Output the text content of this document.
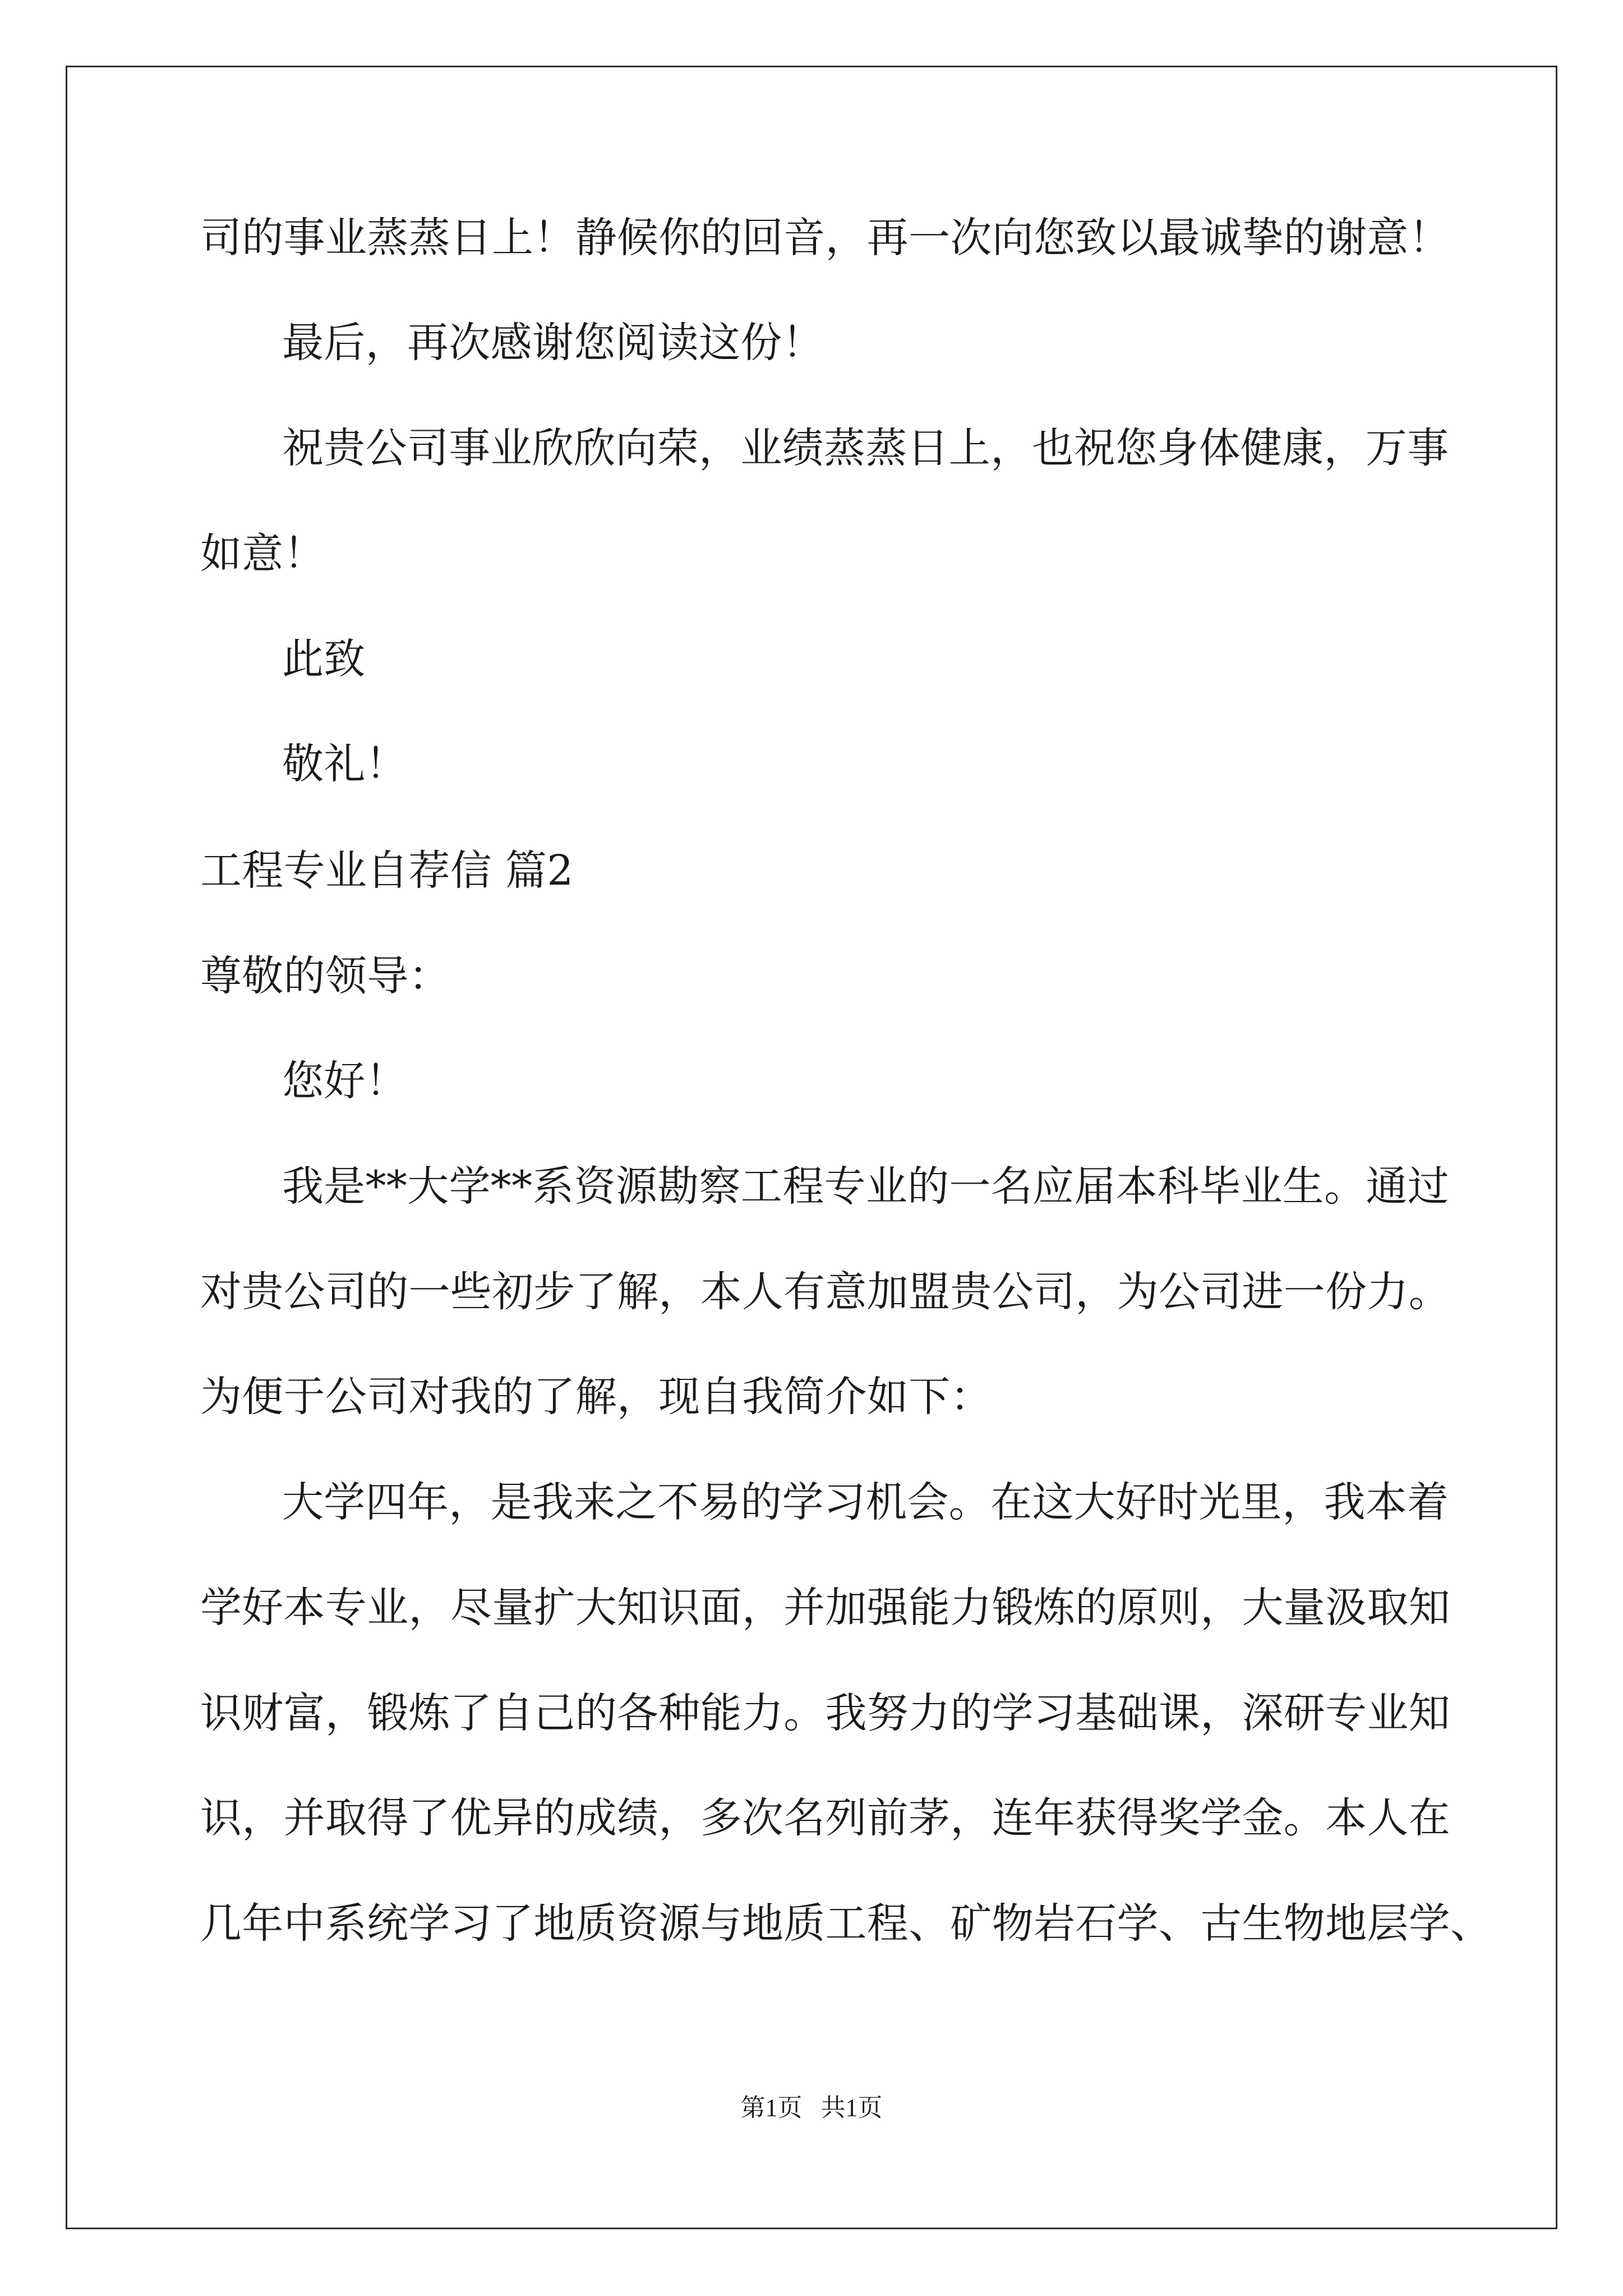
司的事业蒸蒸日上！静候你的回音，再一次向您致以最诚挚的谢意！
最后，再次感谢您阅读这份！
祝贵公司事业欣欣向荣，业绩蒸蒸日上，也祝您身体健康，万事
如意！
此致
敬礼！
工程专业自荐信 篇2
尊敬的领导：
您好！
我是**大学**系资源勘察工程专业的一名应届本科毕业生。通过
对贵公司的一些初步了解，本人有意加盟贵公司，为公司进一份力。
为便于公司对我的了解，现自我简介如下：
大学四年，是我来之不易的学习机会。在这大好时光里，我本着
学好本专业，尽量扩大知识面，并加强能力锻炼的原则，大量汲取知
识财富，锻炼了自己的各种能力。我努力的学习基础课，深研专业知
识，并取得了优异的成绩，多次名列前茅，连年获得奖学金。本人在
几年中系统学习了地质资源与地质工程、矿物岩石学、古生物地层学、
第1页   共1页
